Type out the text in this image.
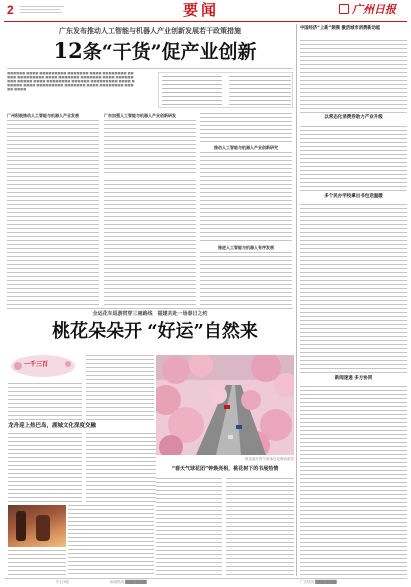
2	要闻	广州日报
广东发布推动人工智能与机器人产业创新发展若干政策措施
12条“干货”促产业创新
■■■■■■ ■■■■ ■■■■■■■■■ ■■■■■■■ ■■■■ ■■■■■■■■ ■■■■■ ■■■■■■■■■ ■■■■ ■■■■■■■ ■■■■■■■ ■■■■ ■■■■■■■■■ ■■■■■ ■■■■ ■■■■■■■■ ■■■■■■ ■■■■■■■■■ ■■■■ ■■■■■■ ■■■■ ■■■■■■■■■ ■■■■■■■ ■■■■ ■■■■■■■■ ■■■■■ ■■■■
广州积极推动人工智能与机器人产业发展	广东加强人工智能与机器人产业创新研发
推动人工智能与机器人产业创新研究
推进人工智能与机器人有序发展
全运花车巡游贯穿三南路线　福建共赴一场春日之约
桃花朵朵开 “好运”自然来
一千三百
龙舟迎上热巴岛，湖城文化深度交融
桃花盛开时节游客在花海间游览
“春天气球花团”钟焕亮相，桃花树下的书展热情
中国经济“上新”频频 激活城市消费新动能
以常态化消费券助力产业升级
多个民办学校拿出书包送温暖
新闻速递 多方协同
中日1版	新闻热线 ████████	广告热线 ████████
